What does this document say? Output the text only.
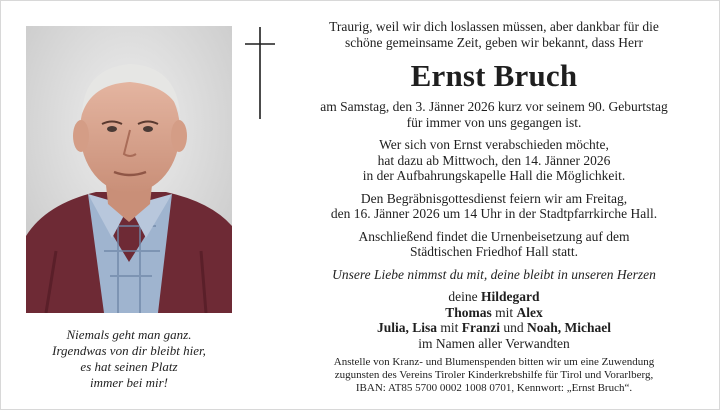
Niemals geht man ganz.
Irgendwas von dir bleibt hier,
es hat seinen Platz
immer bei mir!
Traurig, weil wir dich loslassen müssen, aber dankbar für die
schöne gemeinsame Zeit, geben wir bekannt, dass Herr
Ernst Bruch
am Samstag, den 3. Jänner 2026 kurz vor seinem 90. Geburtstag
für immer von uns gegangen ist.
Wer sich von Ernst verabschieden möchte,
hat dazu ab Mittwoch, den 14. Jänner 2026
in der Aufbahrungskapelle Hall die Möglichkeit.
Den Begräbnisgottesdienst feiern wir am Freitag,
den 16. Jänner 2026 um 14 Uhr in der Stadtpfarrkirche Hall.
Anschließend findet die Urnenbeisetzung auf dem
Städtischen Friedhof Hall statt.
Unsere Liebe nimmst du mit, deine bleibt in unseren Herzen
deine Hildegard
Thomas mit Alex
Julia, Lisa mit Franzi und Noah, Michael
im Namen aller Verwandten
Anstelle von Kranz- und Blumenspenden bitten wir um eine Zuwendung
zugunsten des Vereins Tiroler Kinderkrebshilfe für Tirol und Vorarlberg,
IBAN: AT85 5700 0002 1008 0701, Kennwort: „Ernst Bruch“.
